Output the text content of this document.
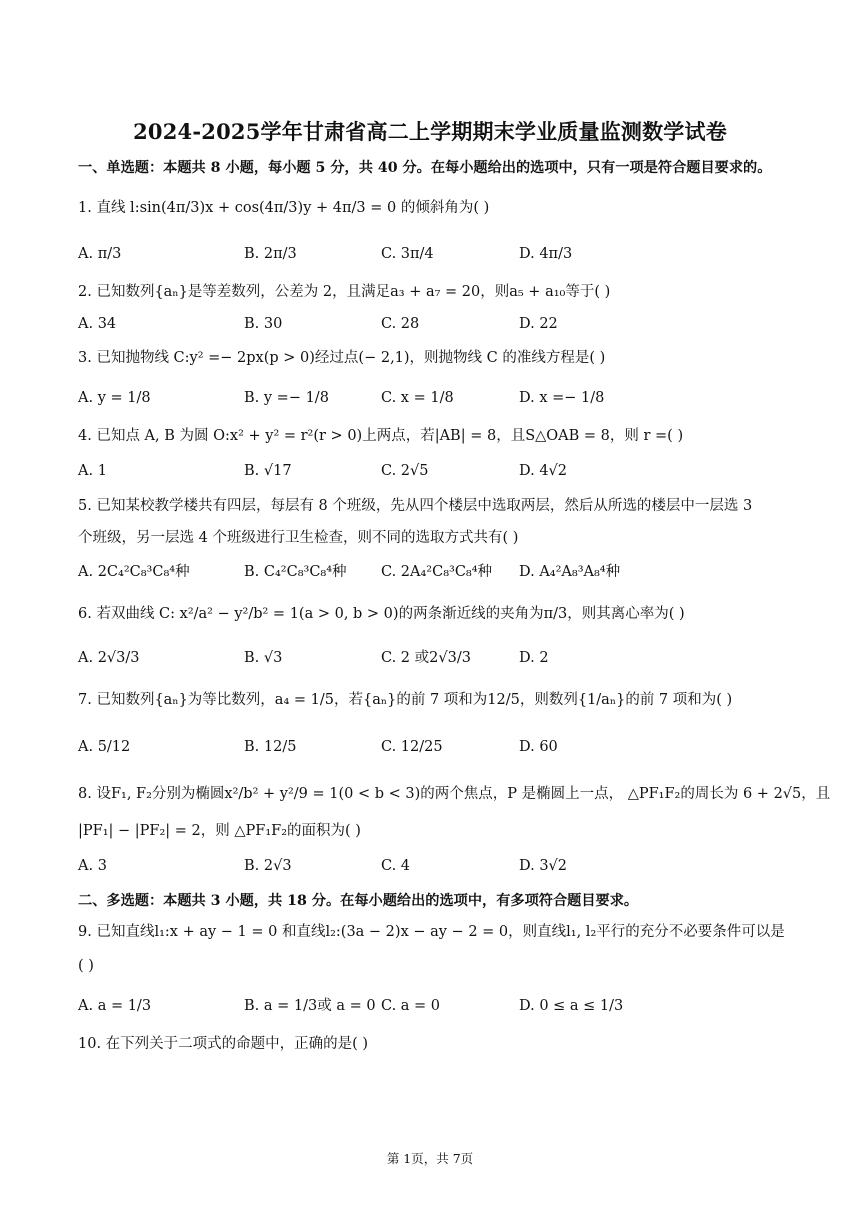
2024-2025学年甘肃省高二上学期期末学业质量监测数学试卷
一、单选题：本题共 8 小题，每小题 5 分，共 40 分。在每小题给出的选项中，只有一项是符合题目要求的。
1. 直线 l:sin(4π/3)x + cos(4π/3)y + 4π/3 = 0 的倾斜角为( )
A. π/3	B. 2π/3	C. 3π/4	D. 4π/3
2. 已知数列{aₙ}是等差数列，公差为 2，且满足a₃ + a₇ = 20，则a₅ + a₁₀等于( )
A. 34	B. 30	C. 28	D. 22
3. 已知抛物线 C:y² =− 2px(p > 0)经过点(− 2,1)，则抛物线 C 的准线方程是( )
A. y = 1/8	B. y =− 1/8	C. x = 1/8	D. x =− 1/8
4. 已知点 A, B 为圆 O:x² + y² = r²(r > 0)上两点，若|AB| = 8，且S△OAB = 8，则 r =( )
A. 1	B. √17	C. 2√5	D. 4√2
5. 已知某校教学楼共有四层，每层有 8 个班级，先从四个楼层中选取两层，然后从所选的楼层中一层选 3
个班级，另一层选 4 个班级进行卫生检查，则不同的选取方式共有( )
A. 2C₄²C₈³C₈⁴种	B. C₄²C₈³C₈⁴种 C. 2A₄²C₈³C₈⁴种 D. A₄²A₈³A₈⁴种
6. 若双曲线 C: x²/a² − y²/b² = 1(a > 0, b > 0)的两条渐近线的夹角为π/3，则其离心率为( )
A. 2√3/3	B. √3	C. 2 或2√3/3	D. 2
7. 已知数列{aₙ}为等比数列，a₄ = 1/5，若{aₙ}的前 7 项和为12/5，则数列{1/aₙ}的前 7 项和为( )
A. 5/12	B. 12/5	C. 12/25	D. 60
8. 设F₁, F₂分别为椭圆x²/b² + y²/9 = 1(0 < b < 3)的两个焦点，P 是椭圆上一点， △PF₁F₂的周长为 6 + 2√5，且
|PF₁| − |PF₂| = 2，则 △PF₁F₂的面积为( )
A. 3	B. 2√3	C. 4	D. 3√2
二、多选题：本题共 3 小题，共 18 分。在每小题给出的选项中，有多项符合题目要求。
9. 已知直线l₁:x + ay − 1 = 0 和直线l₂:(3a − 2)x − ay − 2 = 0，则直线l₁, l₂平行的充分不必要条件可以是
( )
A. a = 1/3	B. a = 1/3或 a = 0 C. a = 0	D. 0 ≤ a ≤ 1/3
10. 在下列关于二项式的命题中，正确的是( )
第 1页，共 7页
